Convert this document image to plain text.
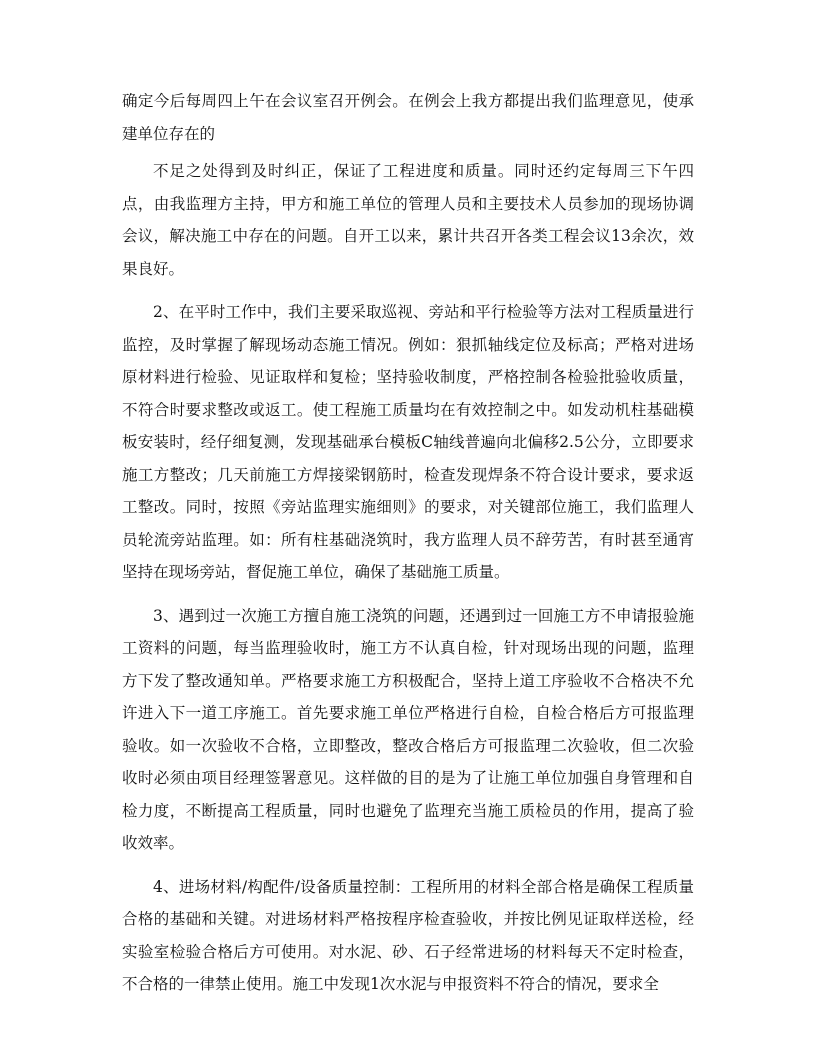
确定今后每周四上午在会议室召开例会。在例会上我方都提出我们监理意见，使承建单位存在的

不足之处得到及时纠正，保证了工程进度和质量。同时还约定每周三下午四点，由我监理方主持，甲方和施工单位的管理人员和主要技术人员参加的现场协调会议，解决施工中存在的问题。自开工以来，累计共召开各类工程会议13余次，效果良好。

2、在平时工作中，我们主要采取巡视、旁站和平行检验等方法对工程质量进行监控，及时掌握了解现场动态施工情况。例如：狠抓轴线定位及标高；严格对进场原材料进行检验、见证取样和复检；坚持验收制度，严格控制各检验批验收质量，不符合时要求整改或返工。使工程施工质量均在有效控制之中。如发动机柱基础模板安装时，经仔细复测，发现基础承台模板C轴线普遍向北偏移2.5公分，立即要求施工方整改；几天前施工方焊接梁钢筋时，检查发现焊条不符合设计要求，要求返工整改。同时，按照《旁站监理实施细则》的要求，对关键部位施工，我们监理人员轮流旁站监理。如：所有柱基础浇筑时，我方监理人员不辞劳苦，有时甚至通宵坚持在现场旁站，督促施工单位，确保了基础施工质量。

3、遇到过一次施工方擅自施工浇筑的问题，还遇到过一回施工方不申请报验施工资料的问题，每当监理验收时，施工方不认真自检，针对现场出现的问题，监理方下发了整改通知单。严格要求施工方积极配合，坚持上道工序验收不合格决不允许进入下一道工序施工。首先要求施工单位严格进行自检，自检合格后方可报监理验收。如一次验收不合格，立即整改，整改合格后方可报监理二次验收，但二次验收时必须由项目经理签署意见。这样做的目的是为了让施工单位加强自身管理和自检力度，不断提高工程质量，同时也避免了监理充当施工质检员的作用，提高了验收效率。

4、进场材料/构配件/设备质量控制：工程所用的材料全部合格是确保工程质量合格的基础和关键。对进场材料严格按程序检查验收，并按比例见证取样送检，经实验室检验合格后方可使用。对水泥、砂、石子经常进场的材料每天不定时检查，不合格的一律禁止使用。施工中发现1次水泥与申报资料不符合的情况，要求全
